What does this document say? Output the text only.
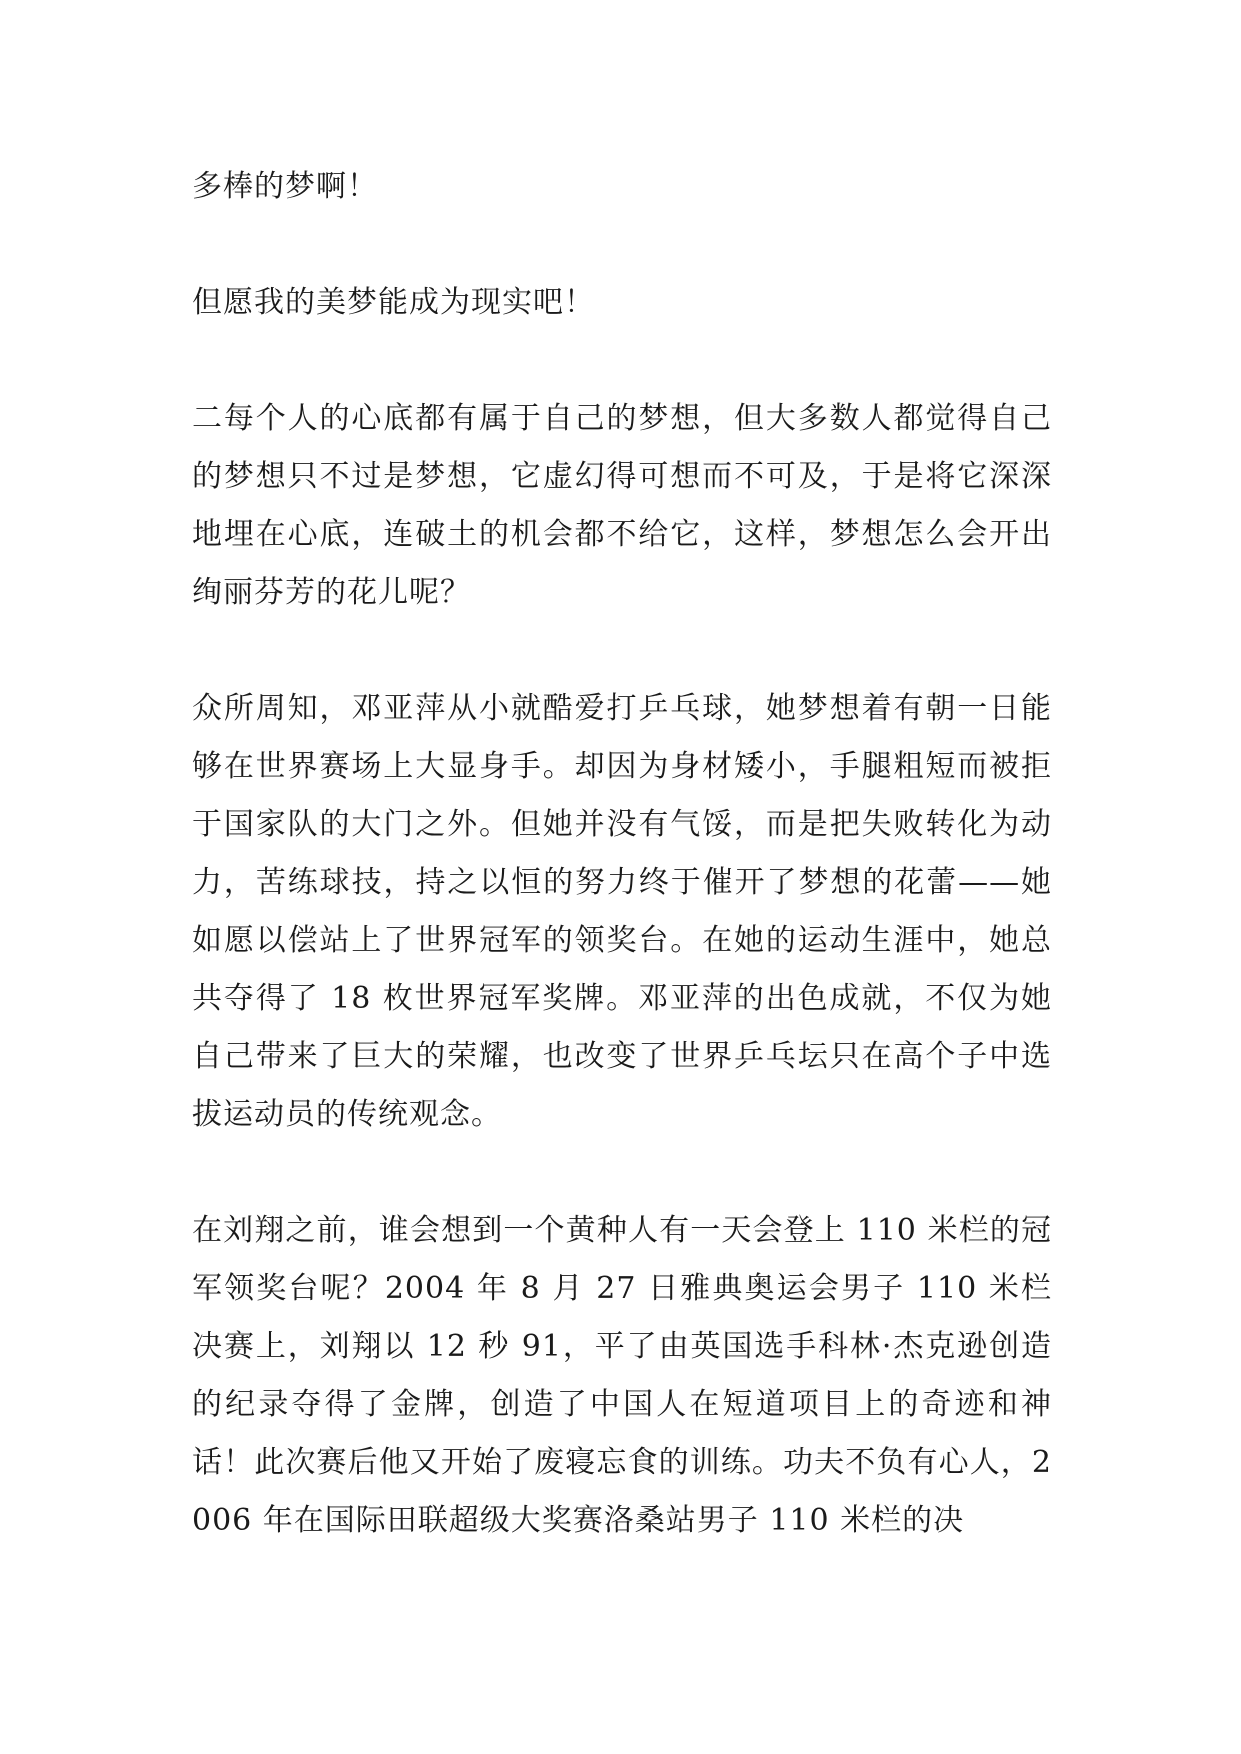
多棒的梦啊！

但愿我的美梦能成为现实吧！

二每个人的心底都有属于自己的梦想，但大多数人都觉得自己的梦想只不过是梦想，它虚幻得可想而不可及，于是将它深深地埋在心底，连破土的机会都不给它，这样，梦想怎么会开出绚丽芬芳的花儿呢？

众所周知，邓亚萍从小就酷爱打乒乓球，她梦想着有朝一日能够在世界赛场上大显身手。却因为身材矮小，手腿粗短而被拒于国家队的大门之外。但她并没有气馁，而是把失败转化为动力，苦练球技，持之以恒的努力终于催开了梦想的花蕾——她如愿以偿站上了世界冠军的领奖台。在她的运动生涯中，她总共夺得了 18 枚世界冠军奖牌。邓亚萍的出色成就，不仅为她自己带来了巨大的荣耀，也改变了世界乒乓坛只在高个子中选拔运动员的传统观念。

在刘翔之前，谁会想到一个黄种人有一天会登上 110 米栏的冠军领奖台呢？2004 年 8 月 27 日雅典奥运会男子 110 米栏决赛上，刘翔以 12 秒 91，平了由英国选手科林·杰克逊创造的纪录夺得了金牌，创造了中国人在短道项目上的奇迹和神话！此次赛后他又开始了废寝忘食的训练。功夫不负有心人，2006 年在国际田联超级大奖赛洛桑站男子 110 米栏的决
